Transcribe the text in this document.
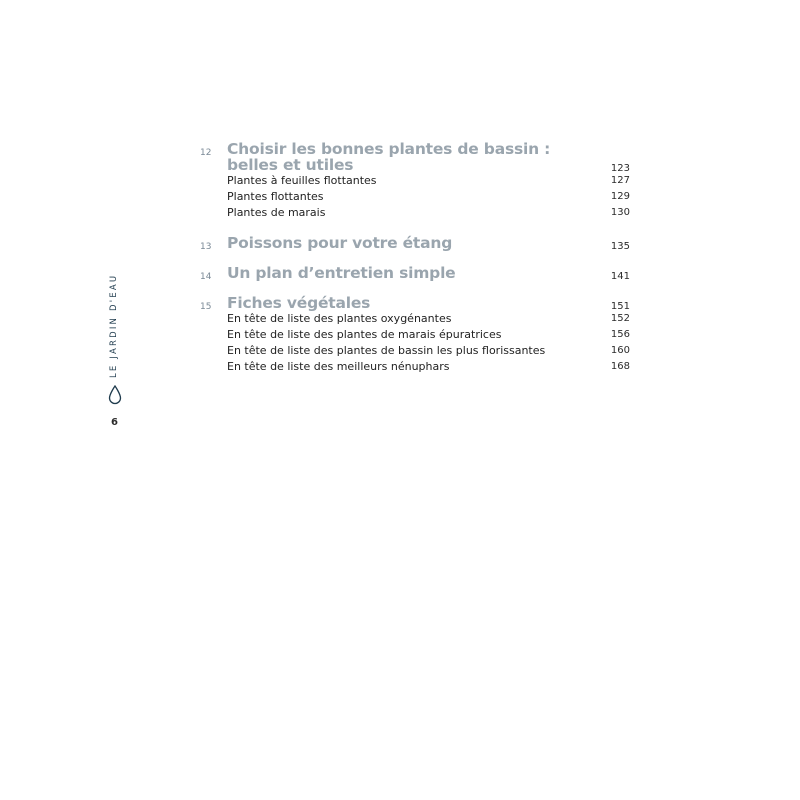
LE JARDIN D'EAU
6
12 Choisir les bonnes plantes de bassin :
belles et utiles	123
Plantes à feuilles flottantes	127
Plantes flottantes	129
Plantes de marais	130
13 Poissons pour votre étang	135
14 Un plan d’entretien simple	141
15 Fiches végétales	151
En tête de liste des plantes oxygénantes	152
En tête de liste des plantes de marais épuratrices	156
En tête de liste des plantes de bassin les plus florissantes	160
En tête de liste des meilleurs nénuphars	168
